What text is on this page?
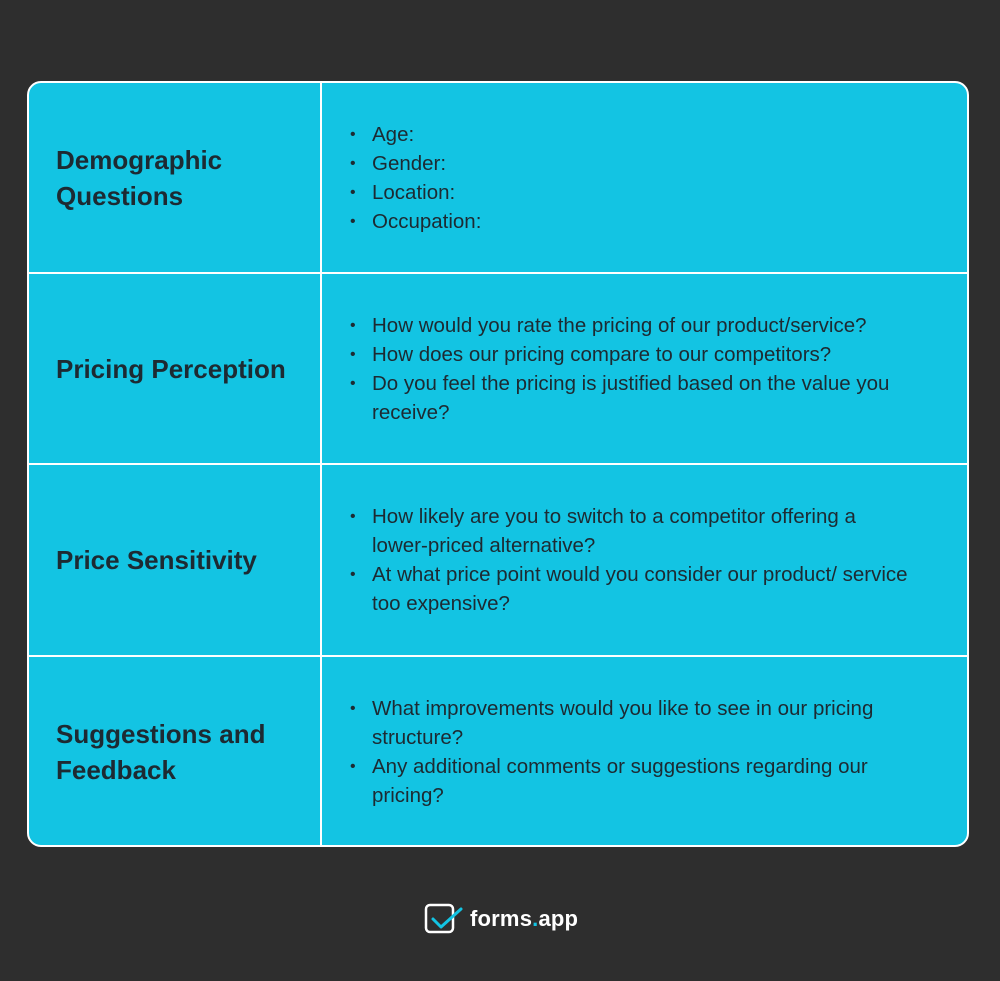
Demographic Questions

• Age:
• Gender:
• Location:
• Occupation:

Pricing Perception

• How would you rate the pricing of our product/service?
• How does our pricing compare to our competitors?
• Do you feel the pricing is justified based on the value you receive?

Price Sensitivity

• How likely are you to switch to a competitor offering a lower-priced alternative?
• At what price point would you consider our product/ service too expensive?

Suggestions and Feedback

• What improvements would you like to see in our pricing structure?
• Any additional comments or suggestions regarding our pricing?
forms.app
